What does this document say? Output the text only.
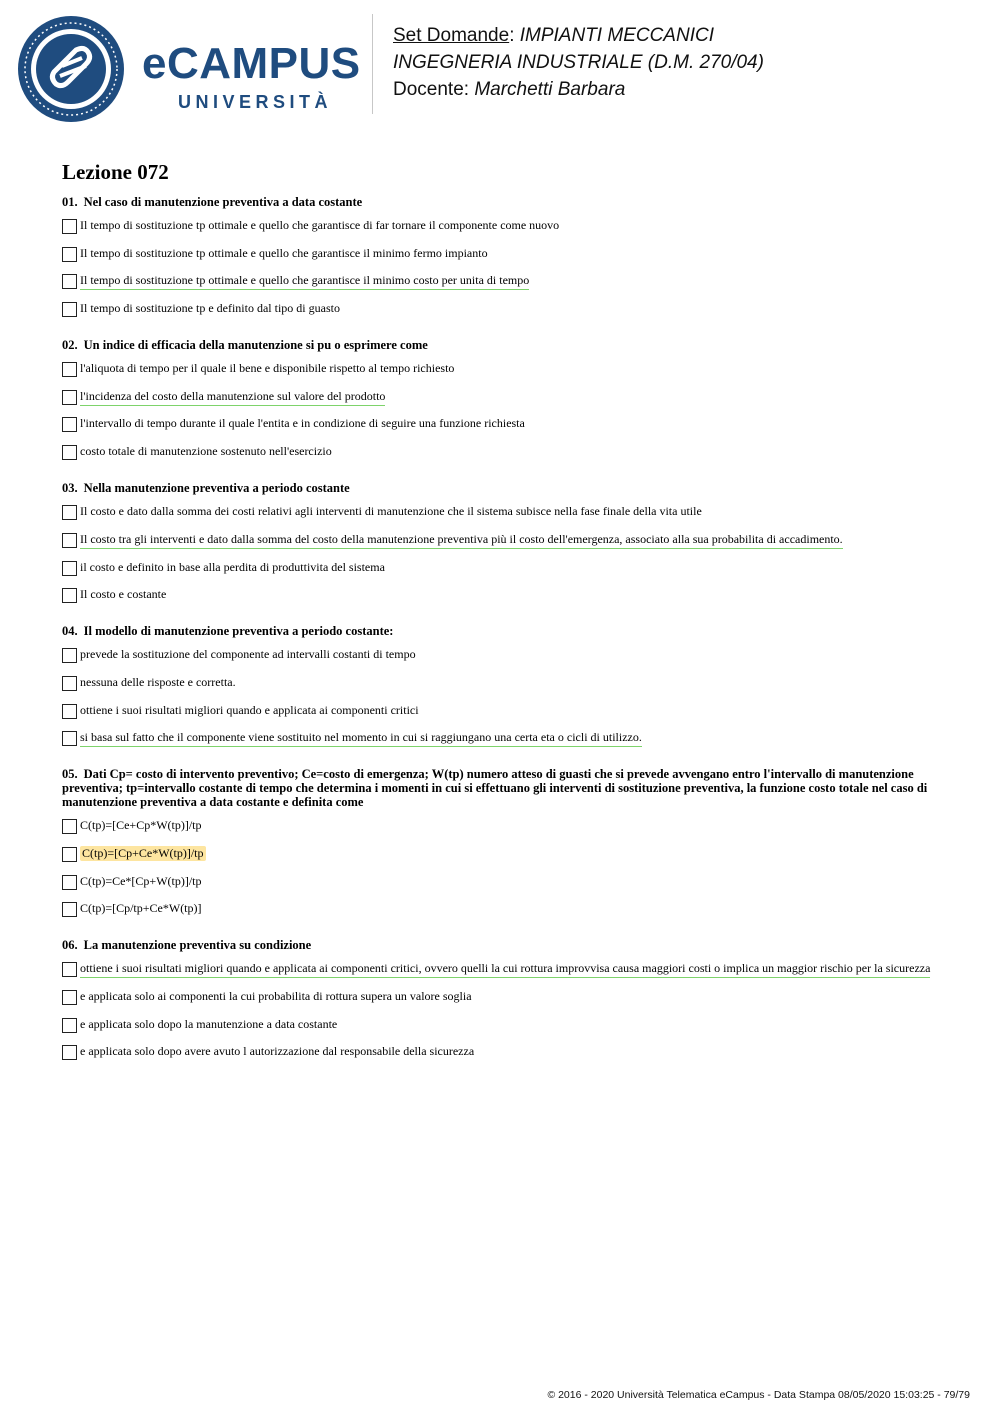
eCAMPUS
UNIVERSITÀ
Set Domande: IMPIANTI MECCANICI
INGEGNERIA INDUSTRIALE (D.M. 270/04)
Docente: Marchetti Barbara
Lezione 072
01. Nel caso di manutenzione preventiva a data costante
Il tempo di sostituzione tp ottimale e quello che garantisce di far tornare il componente come nuovo
Il tempo di sostituzione tp ottimale e quello che garantisce il minimo fermo impianto
Il tempo di sostituzione tp ottimale e quello che garantisce il minimo costo per unita di tempo
Il tempo di sostituzione tp e definito dal tipo di guasto
02. Un indice di efficacia della manutenzione si pu o esprimere come
l'aliquota di tempo per il quale il bene e disponibile rispetto al tempo richiesto
l'incidenza del costo della manutenzione sul valore del prodotto
l'intervallo di tempo durante il quale l'entita e in condizione di seguire una funzione richiesta
costo totale di manutenzione sostenuto nell'esercizio
03. Nella manutenzione preventiva a periodo costante
Il costo e dato dalla somma dei costi relativi agli interventi di manutenzione che il sistema subisce nella fase finale della vita utile
Il costo tra gli interventi e dato dalla somma del costo della manutenzione preventiva più il costo dell'emergenza, associato alla sua probabilita di accadimento.
il costo e definito in base alla perdita di produttivita del sistema
Il costo e costante
04. Il modello di manutenzione preventiva a periodo costante:
prevede la sostituzione del componente ad intervalli costanti di tempo
nessuna delle risposte e corretta.
ottiene i suoi risultati migliori quando e applicata ai componenti critici
si basa sul fatto che il componente viene sostituito nel momento in cui si raggiungano una certa eta o cicli di utilizzo.
05. Dati Cp= costo di intervento preventivo; Ce=costo di emergenza; W(tp) numero atteso di guasti che si prevede avvengano entro l'intervallo di manutenzione preventiva; tp=intervallo costante di tempo che determina i momenti in cui si effettuano gli interventi di sostituzione preventiva, la funzione costo totale nel caso di manutenzione preventiva a data costante e definita come
C(tp)=[Ce+Cp*W(tp)]/tp
C(tp)=[Cp+Ce*W(tp)]/tp
C(tp)=Ce*[Cp+W(tp)]/tp
C(tp)=[Cp/tp+Ce*W(tp)]
06. La manutenzione preventiva su condizione
ottiene i suoi risultati migliori quando e applicata ai componenti critici, ovvero quelli la cui rottura improvvisa causa maggiori costi o implica un maggior rischio per la sicurezza
e applicata solo ai componenti la cui probabilita di rottura supera un valore soglia
e applicata solo dopo la manutenzione a data costante
e applicata solo dopo avere avuto l autorizzazione dal responsabile della sicurezza
© 2016 - 2020 Università Telematica eCampus - Data Stampa 08/05/2020 15:03:25 - 79/79
